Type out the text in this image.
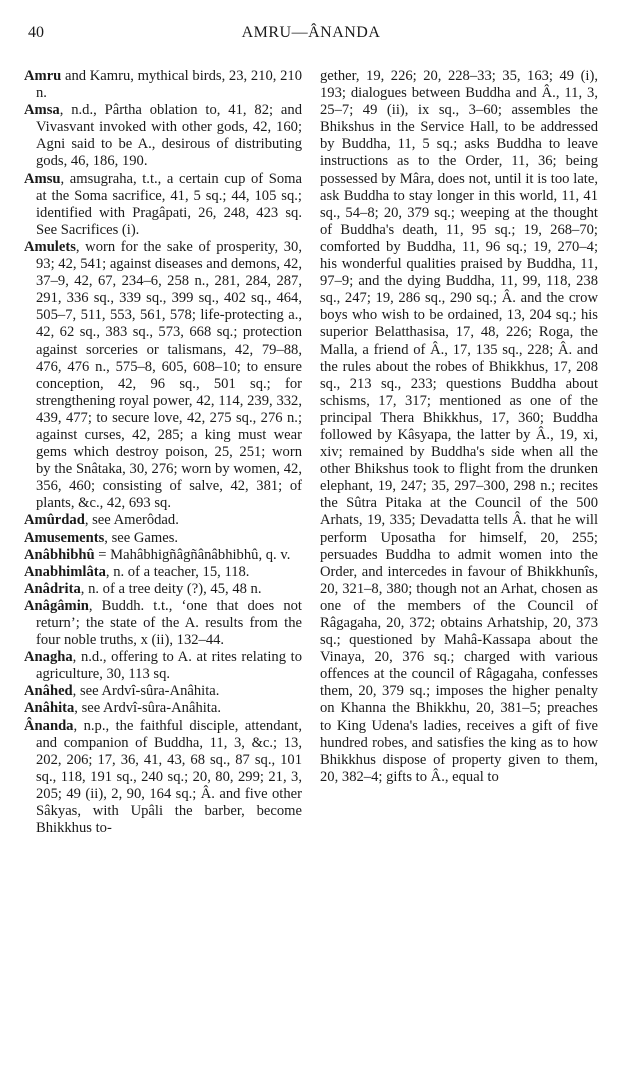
40	AMRU—ÂNANDA

Amru and Kamru, mythical birds, 23, 210, 210 n.

Amsa, n.d., Pârtha oblation to, 41, 82; and Vivasvant invoked with other gods, 42, 160; Agni said to be A., desirous of distributing gods, 46, 186, 190.

Amsu, amsugraha, t.t., a certain cup of Soma at the Soma sacrifice, 41, 5 sq.; 44, 105 sq.; identified with Pragâpati, 26, 248, 423 sq. See Sacrifices (i).

Amulets, worn for the sake of prosperity, 30, 93; 42, 541; against diseases and demons, 42, 37–9, 42, 67, 234–6, 258 n., 281, 284, 287, 291, 336 sq., 339 sq., 399 sq., 402 sq., 464, 505–7, 511, 553, 561, 578; life-protecting a., 42, 62 sq., 383 sq., 573, 668 sq.; protection against sorceries or talismans, 42, 79–88, 476, 476 n., 575–8, 605, 608–10; to ensure conception, 42, 96 sq., 501 sq.; for strengthening royal power, 42, 114, 239, 332, 439, 477; to secure love, 42, 275 sq., 276 n.; against curses, 42, 285; a king must wear gems which destroy poison, 25, 251; worn by the Snâtaka, 30, 276; worn by women, 42, 356, 460; consisting of salve, 42, 381; of plants, &c., 42, 693 sq.

Amûrdad, see Amerôdad.

Amusements, see Games.

Anâbhibhû = Mahâbhigñâgñânâbhibhû, q. v.

Anabhimlâta, n. of a teacher, 15, 118.

Anâdrita, n. of a tree deity (?), 45, 48 n.

Anâgâmin, Buddh. t.t., ‘one that does not return’; the state of the A. results from the four noble truths, x (ii), 132–44.

Anagha, n.d., offering to A. at rites relating to agriculture, 30, 113 sq.

Anâhed, see Ardvî-sûra-Anâhita.

Anâhita, see Ardvî-sûra-Anâhita.

Ânanda, n.p., the faithful disciple, attendant, and companion of Buddha, 11, 3, &c.; 13, 202, 206; 17, 36, 41, 43, 68 sq., 87 sq., 101 sq., 118, 191 sq., 240 sq.; 20, 80, 299; 21, 3, 205; 49 (ii), 2, 90, 164 sq.; Â. and five other Sâkyas, with Upâli the barber, become Bhikkhus to-

gether, 19, 226; 20, 228–33; 35, 163; 49 (i), 193; dialogues between Buddha and Â., 11, 3, 25–7; 49 (ii), ix sq., 3–60; assembles the Bhikshus in the Service Hall, to be addressed by Buddha, 11, 5 sq.; asks Buddha to leave instructions as to the Order, 11, 36; being possessed by Mâra, does not, until it is too late, ask Buddha to stay longer in this world, 11, 41 sq., 54–8; 20, 379 sq.; weeping at the thought of Buddha's death, 11, 95 sq.; 19, 268–70; comforted by Buddha, 11, 96 sq.; 19, 270–4; his wonderful qualities praised by Buddha, 11, 97–9; and the dying Buddha, 11, 99, 118, 238 sq., 247; 19, 286 sq., 290 sq.; Â. and the crow boys who wish to be ordained, 13, 204 sq.; his superior Belatthasisa, 17, 48, 226; Roga, the Malla, a friend of Â., 17, 135 sq., 228; Â. and the rules about the robes of Bhikkhus, 17, 208 sq., 213 sq., 233; questions Buddha about schisms, 17, 317; mentioned as one of the principal Thera Bhikkhus, 17, 360; Buddha followed by Kâsyapa, the latter by Â., 19, xi, xiv; remained by Buddha's side when all the other Bhikshus took to flight from the drunken elephant, 19, 247; 35, 297–300, 298 n.; recites the Sûtra Pitaka at the Council of the 500 Arhats, 19, 335; Devadatta tells Â. that he will perform Uposatha for himself, 20, 255; persuades Buddha to admit women into the Order, and intercedes in favour of Bhikkhunîs, 20, 321–8, 380; though not an Arhat, chosen as one of the members of the Council of Râgagaha, 20, 372; obtains Arhatship, 20, 373 sq.; questioned by Mahâ-Kassapa about the Vinaya, 20, 376 sq.; charged with various offences at the council of Râgagaha, confesses them, 20, 379 sq.; imposes the higher penalty on Khanna the Bhikkhu, 20, 381–5; preaches to King Udena's ladies, receives a gift of five hundred robes, and satisfies the king as to how Bhikkhus dispose of property given to them, 20, 382–4; gifts to Â., equal to
